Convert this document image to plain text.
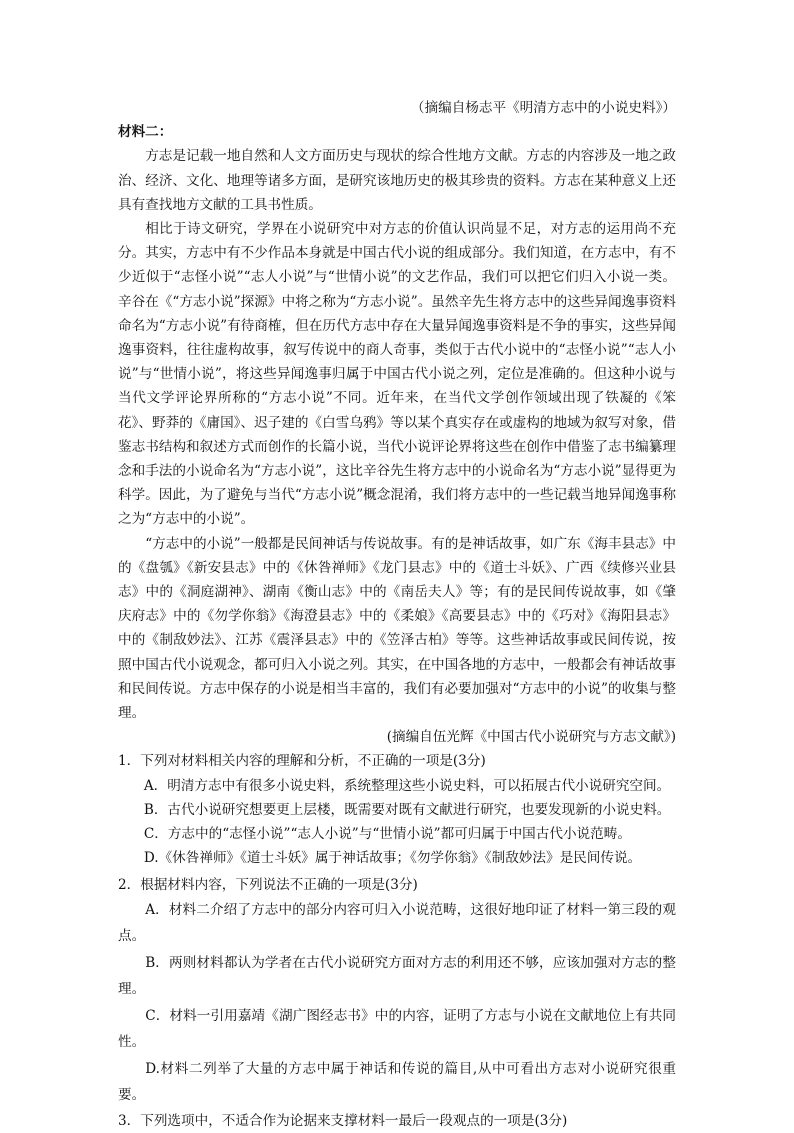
（摘编自杨志平《明清方志中的小说史料》）

材料二：

方志是记载一地自然和人文方面历史与现状的综合性地方文献。方志的内容涉及一地之政治、经济、文化、地理等诸多方面，是研究该地历史的极其珍贵的资料。方志在某种意义上还具有查找地方文献的工具书性质。

相比于诗文研究，学界在小说研究中对方志的价值认识尚显不足，对方志的运用尚不充分。其实，方志中有不少作品本身就是中国古代小说的组成部分。我们知道，在方志中，有不少近似于“志怪小说”“志人小说”与“世情小说”的文艺作品，我们可以把它们归入小说一类。辛谷在《“方志小说”探源》中将之称为“方志小说”。虽然辛先生将方志中的这些异闻逸事资料命名为“方志小说”有待商榷，但在历代方志中存在大量异闻逸事资料是不争的事实，这些异闻逸事资料，往往虚构故事，叙写传说中的商人奇事，类似于古代小说中的“志怪小说”“志人小说”与“世情小说”，将这些异闻逸事归属于中国古代小说之列，定位是准确的。但这种小说与当代文学评论界所称的“方志小说”不同。近年来，在当代文学创作领域出现了铁凝的《笨花》、野莽的《庸国》、迟子建的《白雪乌鸦》等以某个真实存在或虚构的地域为叙写对象，借鉴志书结构和叙述方式而创作的长篇小说，当代小说评论界将这些在创作中借鉴了志书编纂理念和手法的小说命名为“方志小说”，这比辛谷先生将方志中的小说命名为“方志小说”显得更为科学。因此，为了避免与当代“方志小说”概念混淆，我们将方志中的一些记载当地异闻逸事称之为“方志中的小说”。

“方志中的小说”一般都是民间神话与传说故事。有的是神话故事，如广东《海丰县志》中的《盘瓠》《新安县志》中的《休咎禅师》《龙门县志》中的《道士斗妖》、广西《续修兴业县志》中的《洞庭湖神》、湖南《衡山志》中的《南岳夫人》等；有的是民间传说故事，如《肇庆府志》中的《勿学你翁》《海澄县志》中的《柔娘》《高要县志》中的《巧对》《海阳县志》中的《制敌妙法》、江苏《震泽县志》中的《笠泽古柏》等等。这些神话故事或民间传说，按照中国古代小说观念，都可归入小说之列。其实，在中国各地的方志中，一般都会有神话故事和民间传说。方志中保存的小说是相当丰富的，我们有必要加强对“方志中的小说”的收集与整理。

(摘编自伍光辉《中国古代小说研究与方志文献》)

1．下列对材料相关内容的理解和分析，不正确的一项是(3分)

A．明清方志中有很多小说史料，系统整理这些小说史料，可以拓展古代小说研究空间。

B．古代小说研究想要更上层楼，既需要对既有文献进行研究，也要发现新的小说史料。

C．方志中的“志怪小说”“志人小说”与“世情小说”都可归属于中国古代小说范畴。

D.《休咎禅师》《道士斗妖》属于神话故事；《勿学你翁》《制敌妙法》是民间传说。

2．根据材料内容，下列说法不正确的一项是(3分)

A．材料二介绍了方志中的部分内容可归入小说范畴，这很好地印证了材料一第三段的观点。

B．两则材料都认为学者在古代小说研究方面对方志的利用还不够，应该加强对方志的整理。

C．材料一引用嘉靖《湖广图经志书》中的内容，证明了方志与小说在文献地位上有共同性。

D.材料二列举了大量的方志中属于神话和传说的篇目,从中可看出方志对小说研究很重要。

3．下列选项中，不适合作为论据来支撑材料一最后一段观点的一项是(3分)
